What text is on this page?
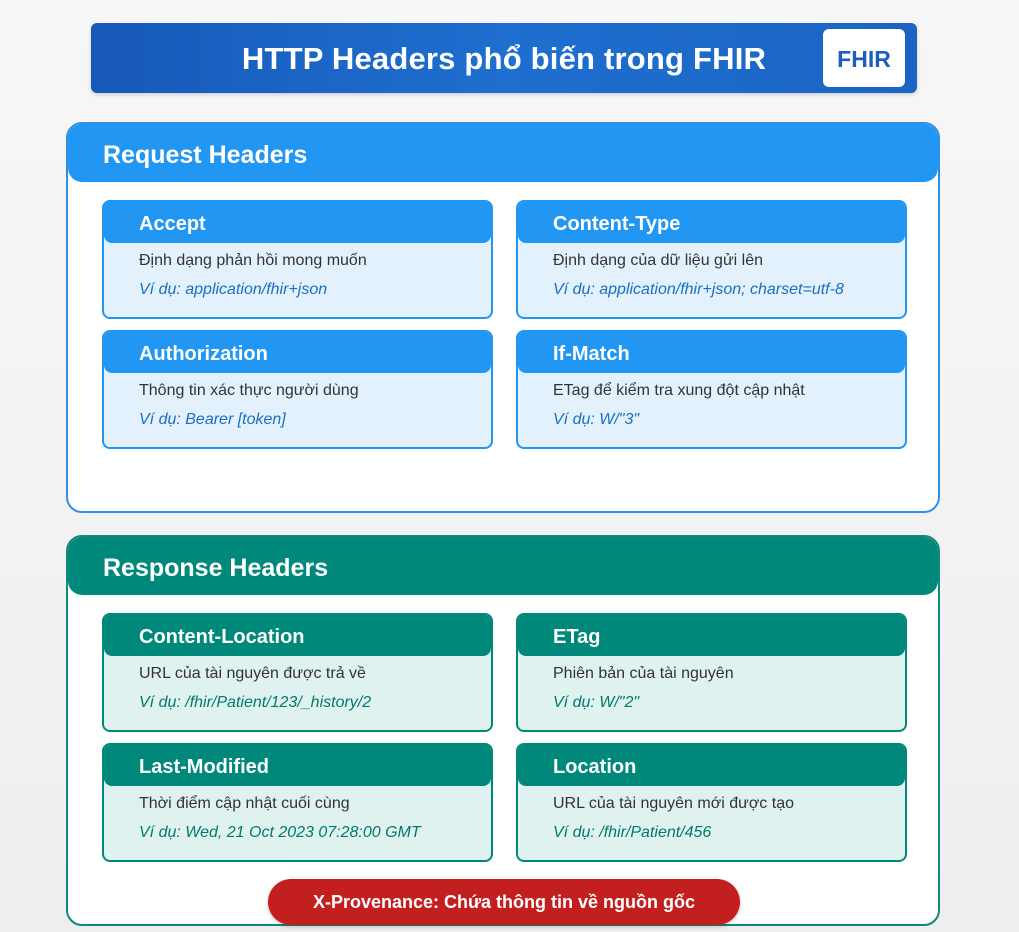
HTTP Headers phổ biến trong FHIR	FHIR
Request Headers
Accept
Định dạng phản hồi mong muốn
Ví dụ: application/fhir+json
Content-Type
Định dạng của dữ liệu gửi lên
Ví dụ: application/fhir+json; charset=utf-8
Authorization
Thông tin xác thực người dùng
Ví dụ: Bearer [token]
If-Match
ETag để kiểm tra xung đột cập nhật
Ví dụ: W/"3"
Response Headers
Content-Location
URL của tài nguyên được trả về
Ví dụ: /fhir/Patient/123/_history/2
ETag
Phiên bản của tài nguyên
Ví dụ: W/"2"
Last-Modified
Thời điểm cập nhật cuối cùng
Ví dụ: Wed, 21 Oct 2023 07:28:00 GMT
Location
URL của tài nguyên mới được tạo
Ví dụ: /fhir/Patient/456
X-Provenance: Chứa thông tin về nguồn gốc
